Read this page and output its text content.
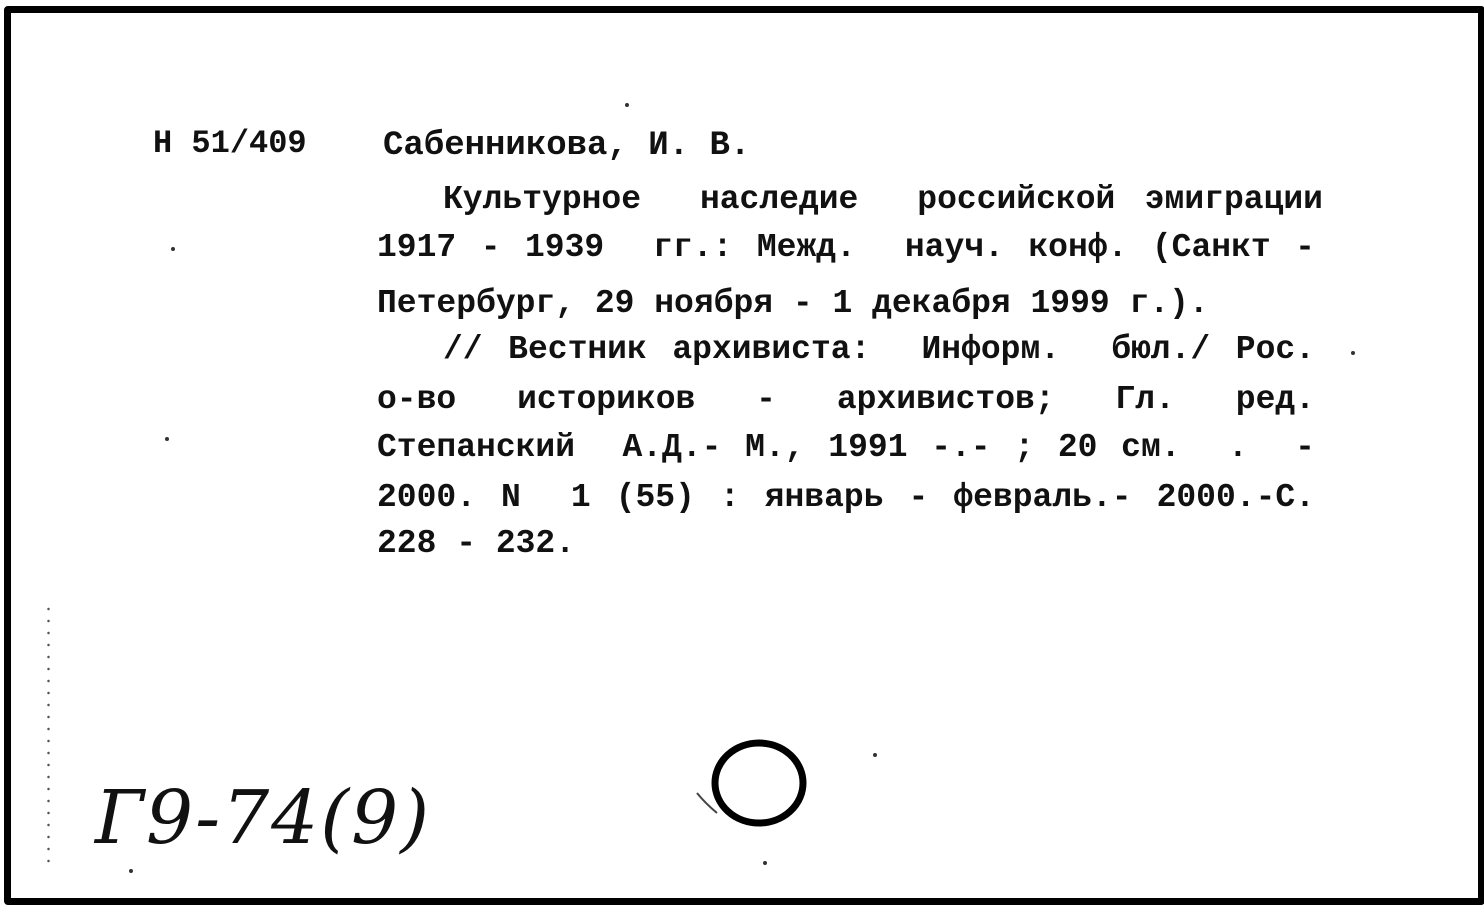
Н 51/409 Сабенникова, И. В.
Культурное  наследие  российской эмиграции
1917 - 1939  гг.: Межд.  науч. конф. (Санкт -
Петербург, 29 ноября - 1 декабря 1999 г.).
// Вестник архивиста:  Информ.  бюл./ Рос.
о-во  историков  -  архивистов;  Гл.  ред.
Степанский  А.Д.- М., 1991 -.- ; 20 см.  .  -
2000. N  1 (55) : январь - февраль.- 2000.-С.
228 - 232.
Г9-74(9)
